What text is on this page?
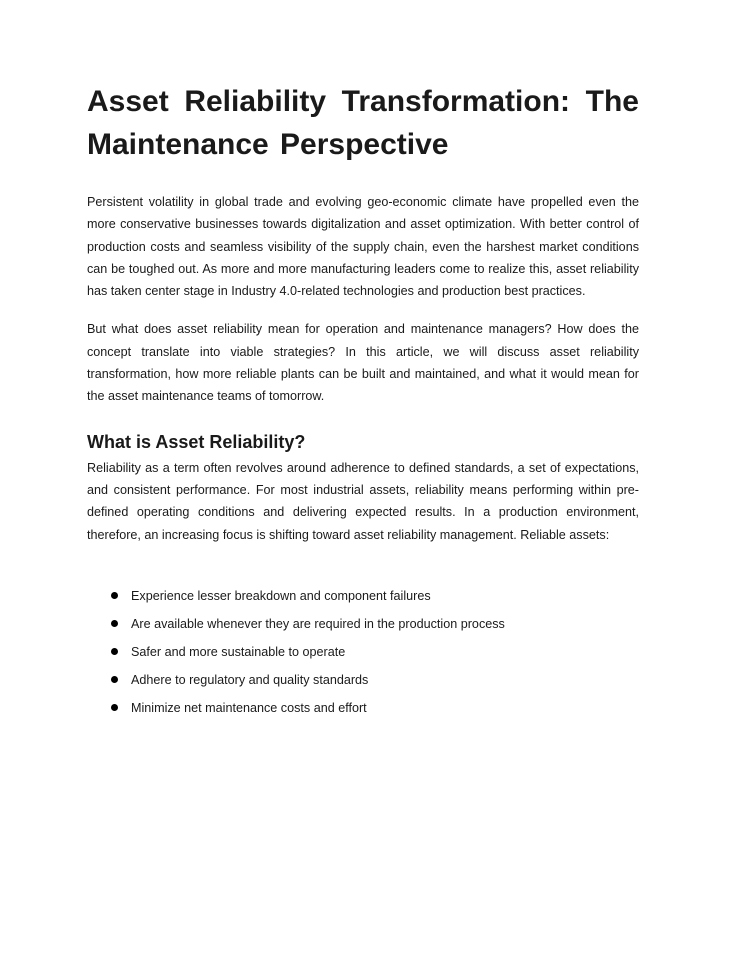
Asset Reliability Transformation: The Maintenance Perspective

Persistent volatility in global trade and evolving geo-economic climate have propelled even the more conservative businesses towards digitalization and asset optimization. With better control of production costs and seamless visibility of the supply chain, even the harshest market conditions can be toughed out. As more and more manufacturing leaders come to realize this, asset reliability has taken center stage in Industry 4.0-related technologies and production best practices.

But what does asset reliability mean for operation and maintenance managers? How does the concept translate into viable strategies? In this article, we will discuss asset reliability transformation, how more reliable plants can be built and maintained, and what it would mean for the asset maintenance teams of tomorrow.

What is Asset Reliability?

Reliability as a term often revolves around adherence to defined standards, a set of expectations, and consistent performance. For most industrial assets, reliability means performing within pre-defined operating conditions and delivering expected results. In a production environment, therefore, an increasing focus is shifting toward asset reliability management. Reliable assets:

Experience lesser breakdown and component failures
Are available whenever they are required in the production process
Safer and more sustainable to operate
Adhere to regulatory and quality standards
Minimize net maintenance costs and effort
